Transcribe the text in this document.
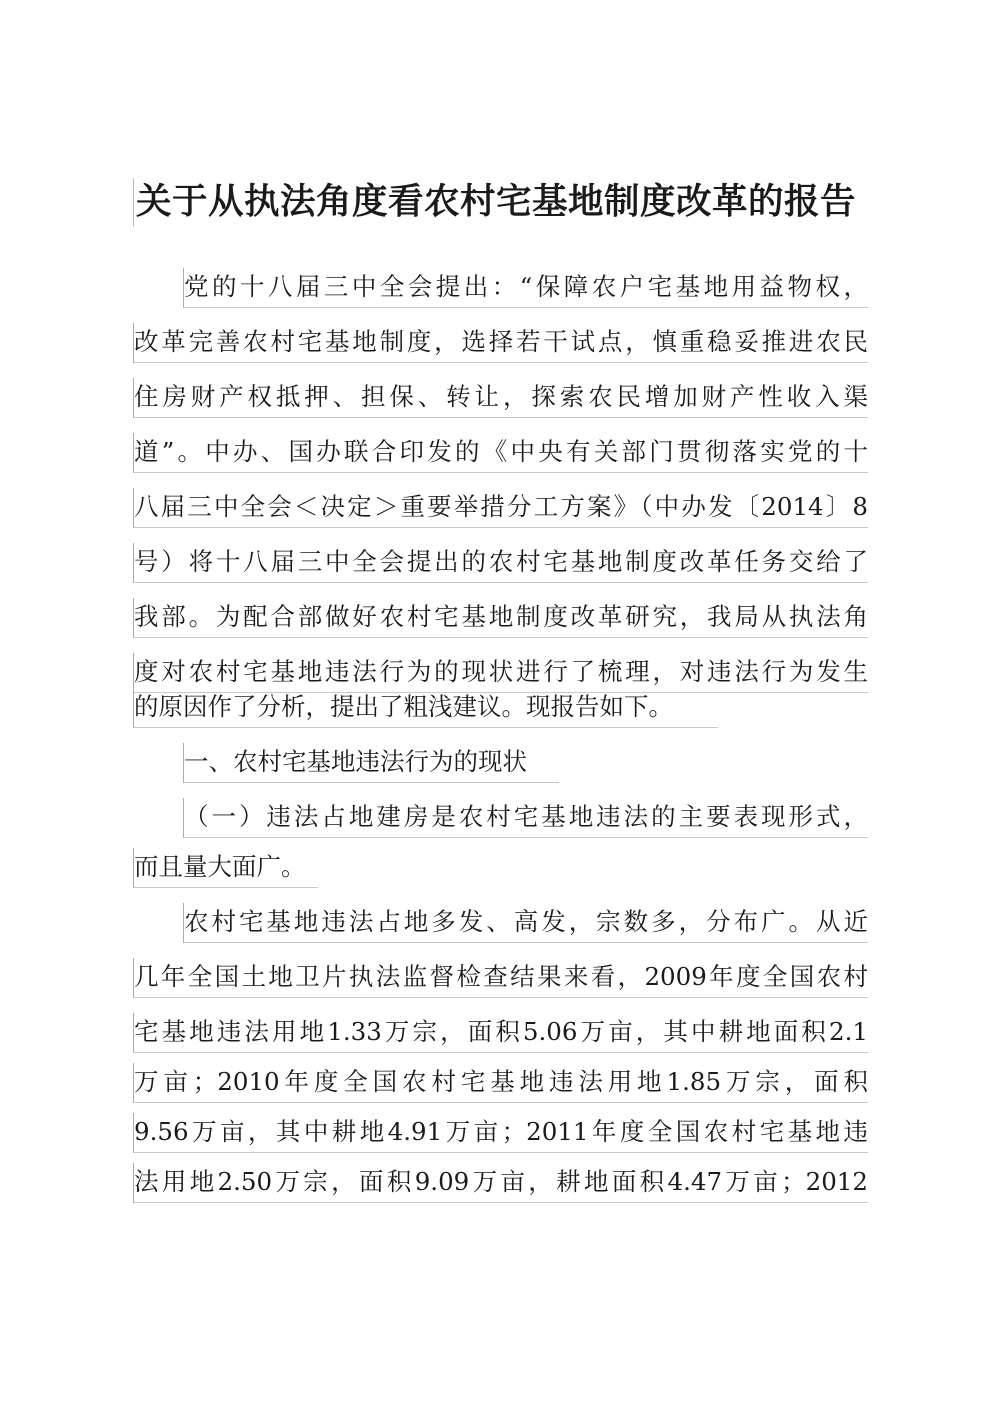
关于从执法角度看农村宅基地制度改革的报告
党的十八届三中全会提出：“保障农户宅基地用益物权，
改革完善农村宅基地制度，选择若干试点，慎重稳妥推进农民
住房财产权抵押、担保、转让，探索农民增加财产性收入渠
道”。中办、国办联合印发的《中央有关部门贯彻落实党的十
八届三中全会＜决定＞重要举措分工方案》（中办发〔2014〕8
号）将十八届三中全会提出的农村宅基地制度改革任务交给了
我部。为配合部做好农村宅基地制度改革研究，我局从执法角
度对农村宅基地违法行为的现状进行了梳理，对违法行为发生
的原因作了分析，提出了粗浅建议。现报告如下。
一、农村宅基地违法行为的现状
（一）违法占地建房是农村宅基地违法的主要表现形式，
而且量大面广。
农村宅基地违法占地多发、高发，宗数多，分布广。从近
几年全国土地卫片执法监督检查结果来看，2009年度全国农村
宅基地违法用地1.33万宗，面积5.06万亩，其中耕地面积2.1
万亩；2010年度全国农村宅基地违法用地1.85万宗，面积
9.56万亩，其中耕地4.91万亩；2011年度全国农村宅基地违
法用地2.50万宗，面积9.09万亩，耕地面积4.47万亩；2012
